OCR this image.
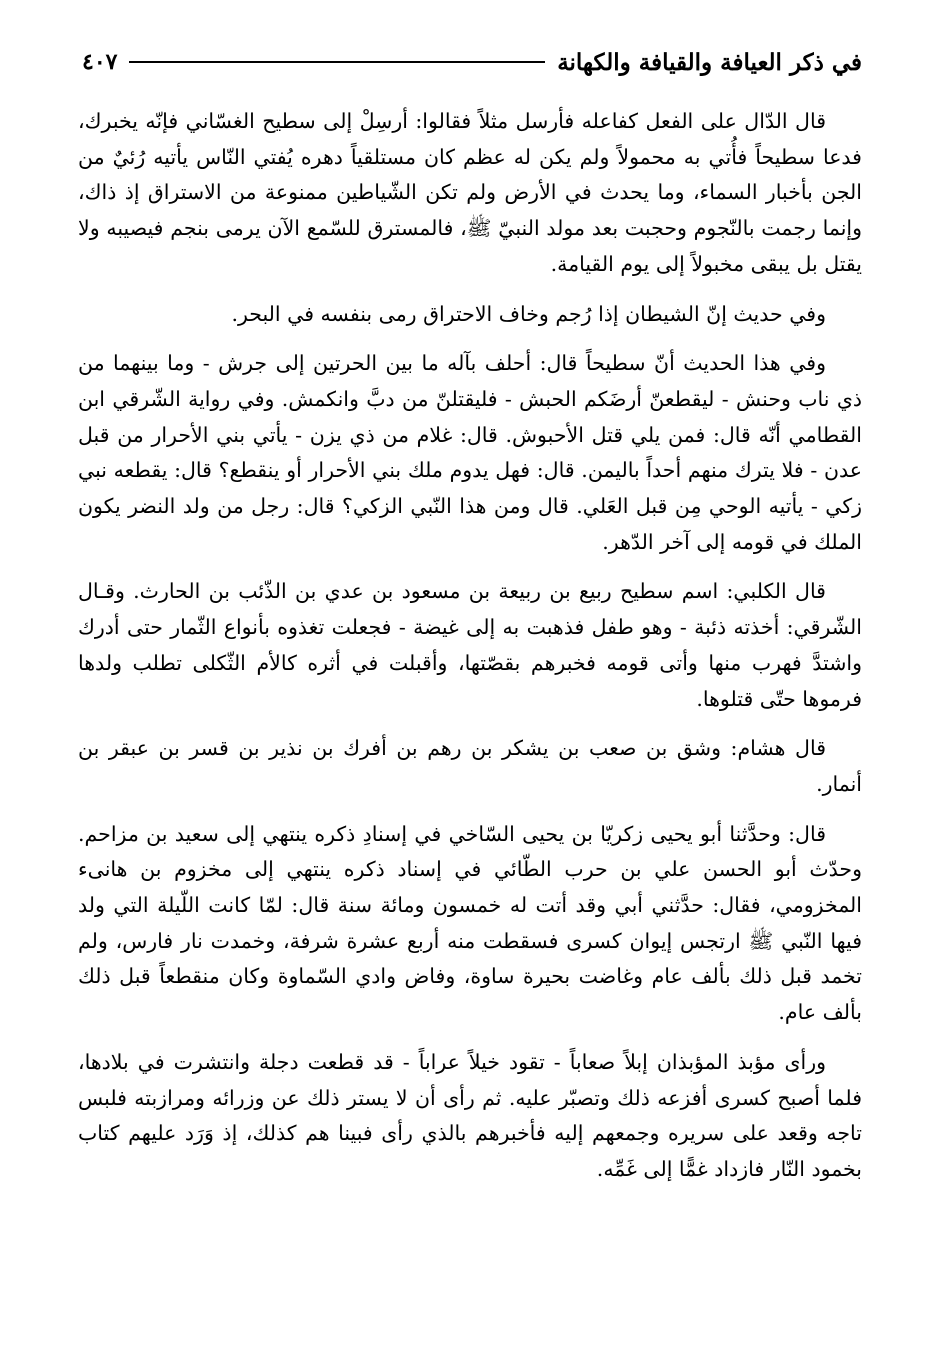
في ذكر العيافة والقيافة والكهانة
٤٠٧

قال الدّال على الفعل كفاعله فأرسل مثلاً فقالوا: أرسِلْ إلى سطيح الغسّاني فإنّه يخبرك، فدعا سطيحاً فأُتي به محمولاً ولم يكن له عظم كان مستلقياً دهره يُفتي النّاس يأتيه رُئيٌ من الجن بأخبار السماء، وما يحدث في الأرض ولم تكن الشّياطين ممنوعة من الاستراق إذ ذاك، وإنما رجمت بالنّجوم وحجبت بعد مولد النبيّ ﷺ، فالمسترق للسّمع الآن يرمى بنجم فيصيبه ولا يقتل بل يبقى مخبولاً إلى يوم القيامة.

وفي حديث إنّ الشيطان إذا رُجم وخاف الاحتراق رمى بنفسه في البحر.

وفي هذا الحديث أنّ سطيحاً قال: أحلف بآله ما بين الحرتين إلى جرش - وما بينهما من ذي ناب وحنش - ليقطعنّ أرضَكم الحبش - فليقتلنّ من دبَّ وانكمش. وفي رواية الشّرقي ابن القطامي أنّه قال: فمن يلي قتل الأحبوش. قال: غلام من ذي يزن - يأتي بني الأحرار من قبل عدن - فلا يترك منهم أحداً باليمن. قال: فهل يدوم ملك بني الأحرار أو ينقطع؟ قال: يقطعه نبي زكي - يأتيه الوحي مِن قبل العَلي. قال ومن هذا النّبي الزكي؟ قال: رجل من ولد النضر يكون الملك في قومه إلى آخر الدّهر.

قال الكلبي: اسم سطيح ربيع بن ربيعة بن مسعود بن عدي بن الذّئب بن الحارث. وقـال الشّرقي: أخذته ذئبة - وهو طفل فذهبت به إلى غيضة - فجعلت تغذوه بأنواع الثّمار حتى أدرك واشتدَّ فهرب منها وأتى قومه فخبرهم بقصّتها، وأقبلت في أثره كالأم الثّكلى تطلب ولدها فرموها حتّى قتلوها.

قال هشام: وشق بن صعب بن يشكر بن رهم بن أفرك بن نذير بن قسر بن عبقر بن أنمار.

قال: وحدَّثنا أبو يحيى زكريّا بن يحيى السّاخي في إسنادِ ذكره ينتهي إلى سعيد بن مزاحم. وحدّث أبو الحسن علي بن حرب الطّائي في إسناد ذكره ينتهي إلى مخزوم بن هانىء المخزومي، فقال: حدَّثني أبي وقد أتت له خمسون ومائة سنة قال: لمّا كانت اللّيلة التي ولد فيها النّبي ﷺ ارتجس إيوان كسرى فسقطت منه أربع عشرة شرفة، وخمدت نار فارس، ولم تخمد قبل ذلك بألف عام وغاضت بحيرة ساوة، وفاض وادي السّماوة وكان منقطعاً قبل ذلك بألف عام.

ورأى مؤبذ المؤبذان إبلاً صعاباً - تقود خيلاً عراباً - قد قطعت دجلة وانتشرت في بلادها، فلما أصبح كسرى أفزعه ذلك وتصبّر عليه. ثم رأى أن لا يستر ذلك عن وزرائه ومرازبته فلبس تاجه وقعد على سريره وجمعهم إليه فأخبرهم بالذي رأى فبينا هم كذلك، إذ وَرَد عليهم كتاب بخمود النّار فازداد غمًّا إلى غَمِّه.
